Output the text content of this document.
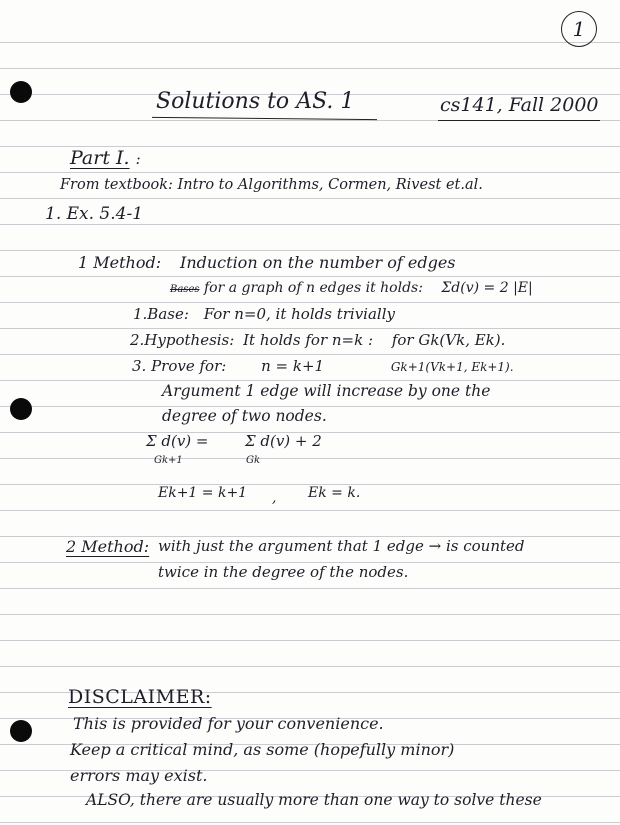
1
Solutions to AS. 1	cs141, Fall 2000
Part I. :
From textbook: Intro to Algorithms, Cormen, Rivest et.al.
1. Ex. 5.4-1
1 Method: Induction on the number of edges
Bases for a graph of n edges it holds: Σd(v) = 2 |E|
1.Base: For n=0, it holds trivially
2.Hypothesis: It holds for n=k : for Gk(Vk, Ek).
3. Prove for: n = k+1	Gk+1(Vk+1, Ek+1).
Argument 1 edge will increase by one the
degree of two nodes.
Σ d(v) =
Gk+1
Σ d(v) + 2
Gk
Ek+1 = k+1 , Ek = k.
2 Method: with just the argument that 1 edge → is counted
twice in the degree of the nodes.
DISCLAIMER:
This is provided for your convenience.
Keep a critical mind, as some (hopefully minor)
errors may exist.
ALSO, there are usually more than one way to solve these
